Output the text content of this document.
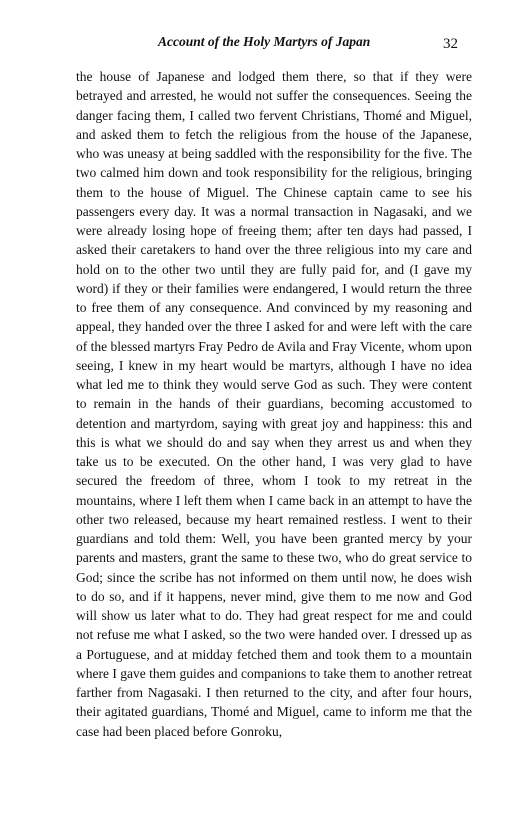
Account of the Holy Martyrs of Japan	32

the house of Japanese and lodged them there, so that if they were betrayed and arrested, he would not suffer the consequences. Seeing the danger facing them, I called two fervent Christians, Thomé and Miguel, and asked them to fetch the religious from the house of the Japanese, who was uneasy at being saddled with the responsibility for the five. The two calmed him down and took responsibility for the religious, bringing them to the house of Miguel. The Chinese captain came to see his passengers every day. It was a normal transaction in Nagasaki, and we were already losing hope of freeing them; after ten days had passed, I asked their caretakers to hand over the three religious into my care and hold on to the other two until they are fully paid for, and (I gave my word) if they or their families were endangered, I would return the three to free them of any consequence. And convinced by my reasoning and appeal, they handed over the three I asked for and were left with the care of the blessed martyrs Fray Pedro de Avila and Fray Vicente, whom upon seeing, I knew in my heart would be martyrs, although I have no idea what led me to think they would serve God as such. They were content to remain in the hands of their guardians, becoming accustomed to detention and martyrdom, saying with great joy and happiness: this and this is what we should do and say when they arrest us and when they take us to be executed. On the other hand, I was very glad to have secured the freedom of three, whom I took to my retreat in the mountains, where I left them when I came back in an attempt to have the other two released, because my heart remained restless. I went to their guardians and told them: Well, you have been granted mercy by your parents and masters, grant the same to these two, who do great service to God; since the scribe has not informed on them until now, he does wish to do so, and if it happens, never mind, give them to me now and God will show us later what to do. They had great respect for me and could not refuse me what I asked, so the two were handed over. I dressed up as a Portuguese, and at midday fetched them and took them to a mountain where I gave them guides and companions to take them to another retreat farther from Nagasaki. I then returned to the city, and after four hours, their agitated guardians, Thomé and Miguel, came to inform me that the case had been placed before Gonroku,
